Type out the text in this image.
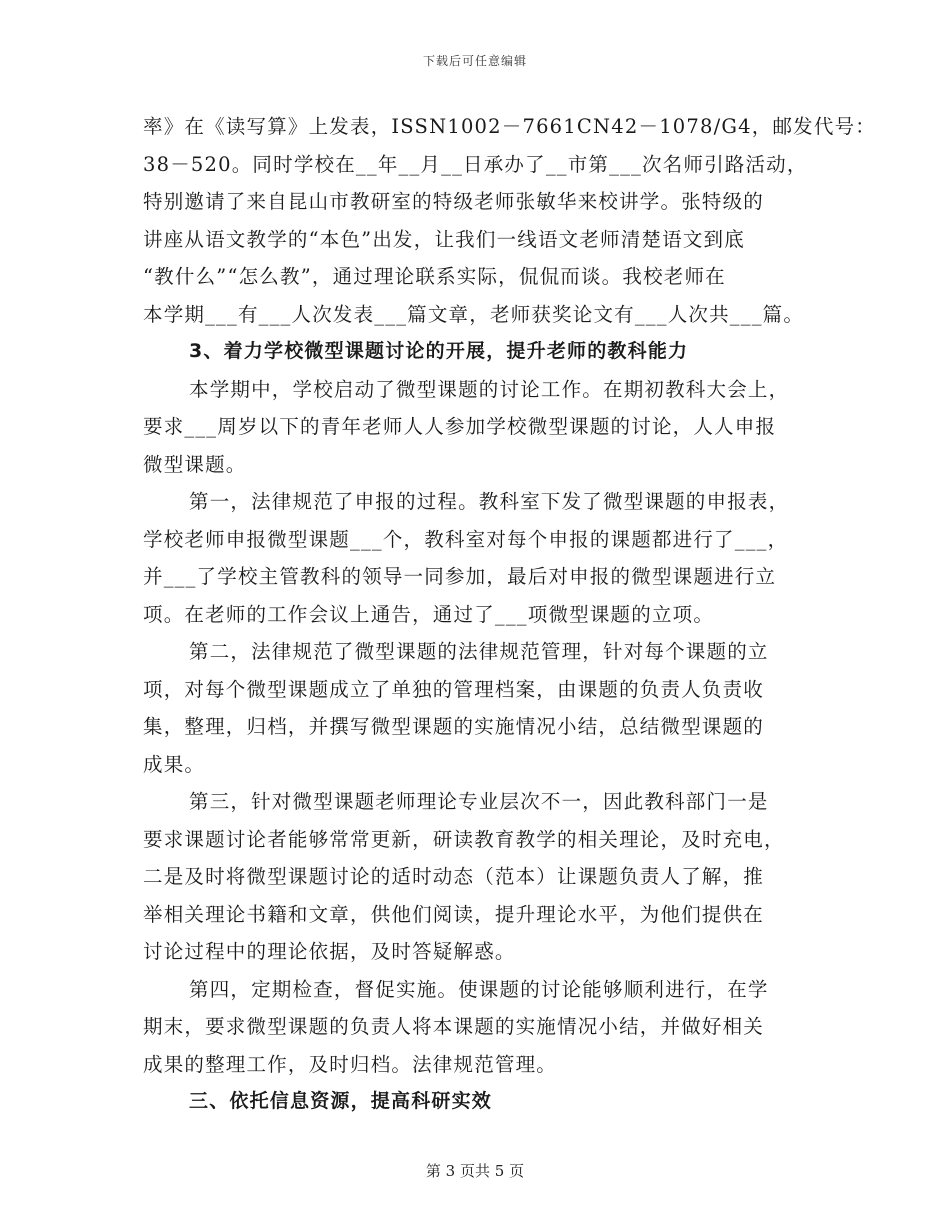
下载后可任意编辑
率》在《读写算》上发表，ISSN1002－7661CN42－1078/G4，邮发代号：
38－520。同时学校在__年__月__日承办了__市第___次名师引路活动，
特别邀请了来自昆山市教研室的特级老师张敏华来校讲学。张特级的
讲座从语文教学的“本色”出发，让我们一线语文老师清楚语文到底
“教什么”“怎么教”，通过理论联系实际，侃侃而谈。我校老师在
本学期___有___人次发表___篇文章，老师获奖论文有___人次共___篇。
3、着力学校微型课题讨论的开展，提升老师的教科能力
本学期中，学校启动了微型课题的讨论工作。在期初教科大会上，
要求___周岁以下的青年老师人人参加学校微型课题的讨论，人人申报
微型课题。
第一，法律规范了申报的过程。教科室下发了微型课题的申报表，
学校老师申报微型课题___个，教科室对每个申报的课题都进行了___，
并___了学校主管教科的领导一同参加，最后对申报的微型课题进行立
项。在老师的工作会议上通告，通过了___项微型课题的立项。
第二，法律规范了微型课题的法律规范管理，针对每个课题的立
项，对每个微型课题成立了单独的管理档案，由课题的负责人负责收
集，整理，归档，并撰写微型课题的实施情况小结，总结微型课题的
成果。
第三，针对微型课题老师理论专业层次不一，因此教科部门一是
要求课题讨论者能够常常更新，研读教育教学的相关理论，及时充电，
二是及时将微型课题讨论的适时动态（范本）让课题负责人了解，推
举相关理论书籍和文章，供他们阅读，提升理论水平，为他们提供在
讨论过程中的理论依据，及时答疑解惑。
第四，定期检查，督促实施。使课题的讨论能够顺利进行，在学
期末，要求微型课题的负责人将本课题的实施情况小结，并做好相关
成果的整理工作，及时归档。法律规范管理。
三、依托信息资源，提高科研实效
第 3 页共 5 页
